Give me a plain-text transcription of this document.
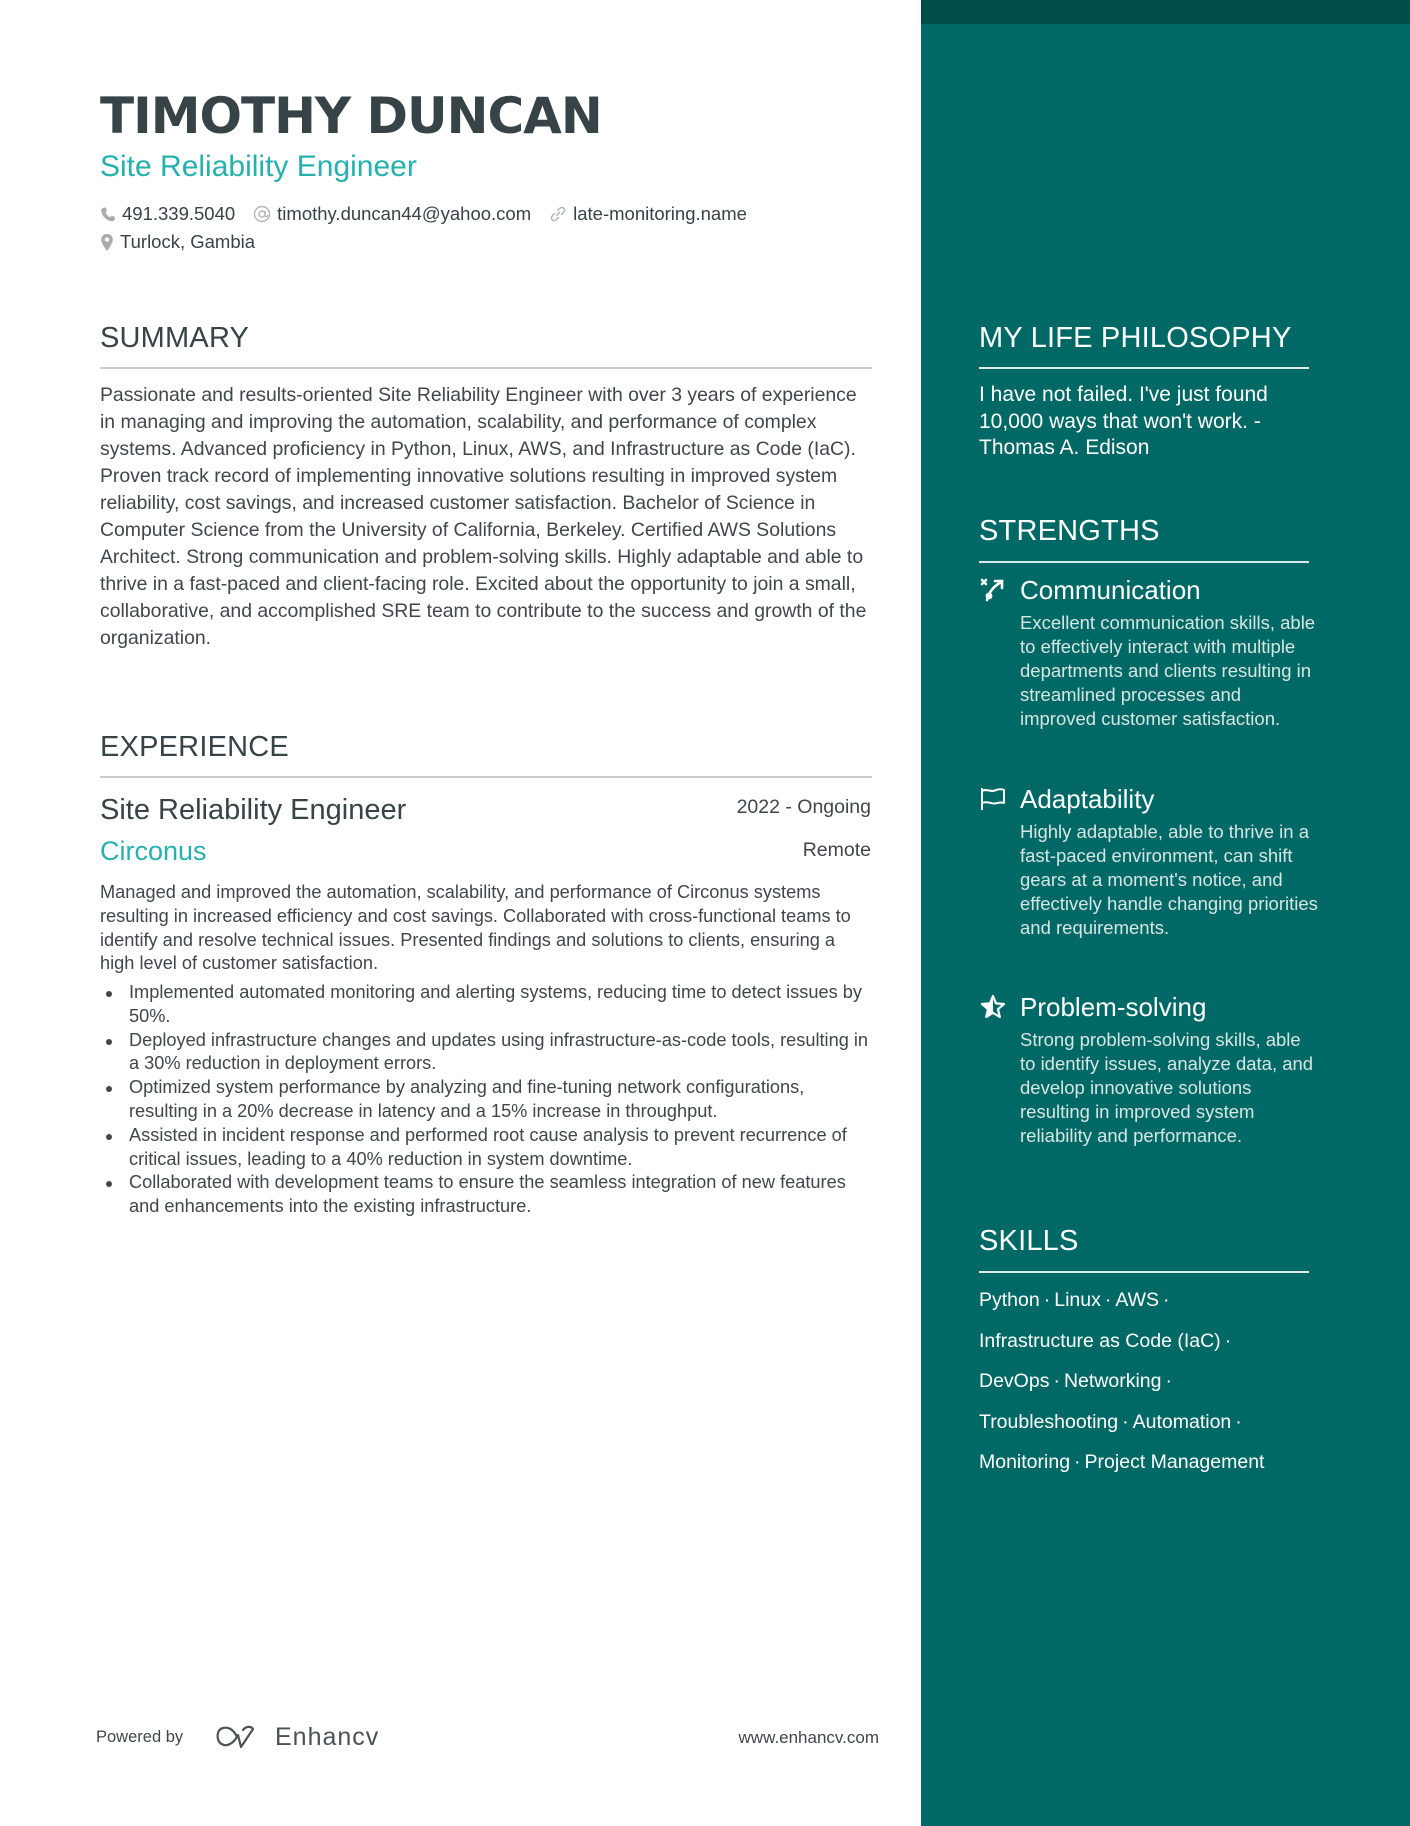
TIMOTHY DUNCAN
Site Reliability Engineer
491.339.5040 timothy.duncan44@yahoo.com late-monitoring.name
Turlock, Gambia
SUMMARY
Passionate and results-oriented Site Reliability Engineer with over 3 years of experience in managing and improving the automation, scalability, and performance of complex systems. Advanced proficiency in Python, Linux, AWS, and Infrastructure as Code (IaC). Proven track record of implementing innovative solutions resulting in improved system reliability, cost savings, and increased customer satisfaction. Bachelor of Science in Computer Science from the University of California, Berkeley. Certified AWS Solutions Architect. Strong communication and problem-solving skills. Highly adaptable and able to thrive in a fast-paced and client-facing role. Excited about the opportunity to join a small, collaborative, and accomplished SRE team to contribute to the success and growth of the organization.
EXPERIENCE
Site Reliability Engineer	2022 - Ongoing
Circonus	Remote
Managed and improved the automation, scalability, and performance of Circonus systems resulting in increased efficiency and cost savings. Collaborated with cross-functional teams to identify and resolve technical issues. Presented findings and solutions to clients, ensuring a high level of customer satisfaction.
Implemented automated monitoring and alerting systems, reducing time to detect issues by 50%.
Deployed infrastructure changes and updates using infrastructure-as-code tools, resulting in a 30% reduction in deployment errors.
Optimized system performance by analyzing and fine-tuning network configurations, resulting in a 20% decrease in latency and a 15% increase in throughput.
Assisted in incident response and performed root cause analysis to prevent recurrence of critical issues, leading to a 40% reduction in system downtime.
Collaborated with development teams to ensure the seamless integration of new features and enhancements into the existing infrastructure.
MY LIFE PHILOSOPHY
I have not failed. I've just found 10,000 ways that won't work. - Thomas A. Edison
STRENGTHS
Communication
Excellent communication skills, able to effectively interact with multiple departments and clients resulting in streamlined processes and improved customer satisfaction.
Adaptability
Highly adaptable, able to thrive in a fast-paced environment, can shift gears at a moment's notice, and effectively handle changing priorities and requirements.
Problem-solving
Strong problem-solving skills, able to identify issues, analyze data, and develop innovative solutions resulting in improved system reliability and performance.
SKILLS
Python · Linux · AWS ·
Infrastructure as Code (IaC) ·
DevOps · Networking ·
Troubleshooting · Automation ·
Monitoring · Project Management
Powered by	Enhancv	www.enhancv.com
